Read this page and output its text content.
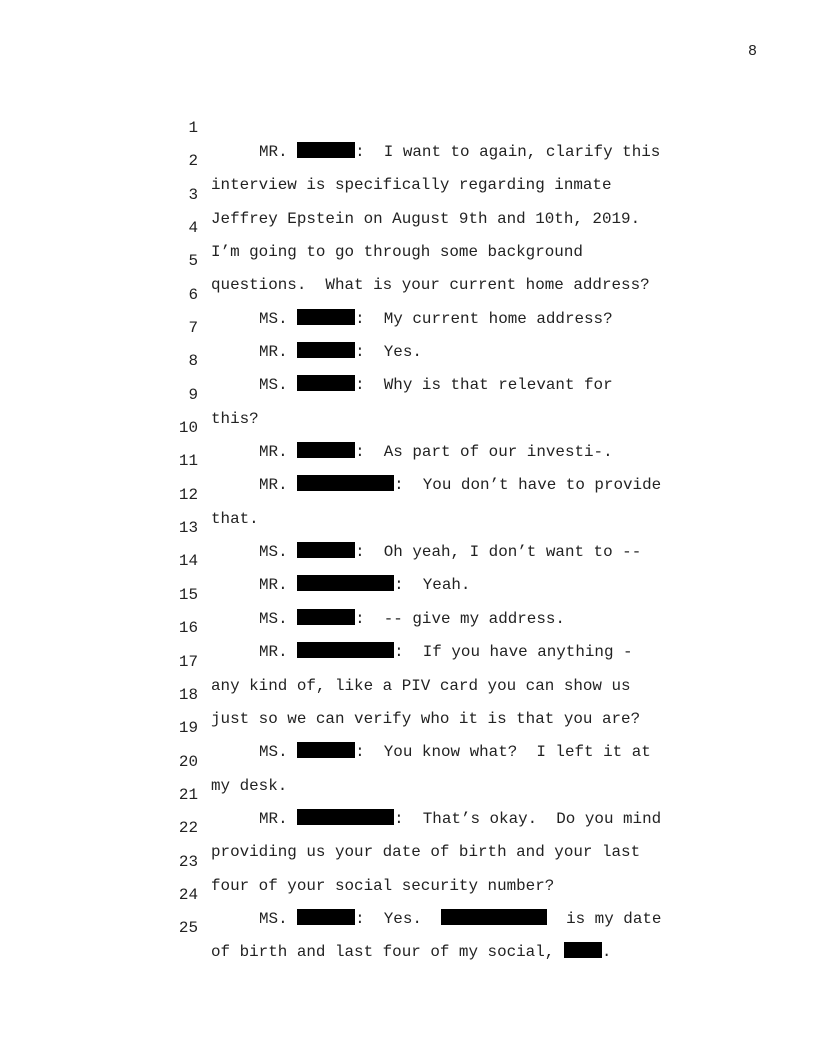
8

1

MR.	:  I want to again, clarify this

2

interview is specifically regarding inmate

3

Jeffrey Epstein on August 9th and 10th, 2019.

4

I’m going to go through some background

5

questions.  What is your current home address?

6

MS.	:  My current home address?

7

MR.	:  Yes.

8

MS.	:  Why is that relevant for

9

this?

10

MR.	:  As part of our investi-.

11

MR.	:  You don’t have to provide

12

that.

13

MS.	:  Oh yeah, I don’t want to --

14

MR.	:  Yeah.

15

MS.	:  -- give my address.

16

MR.	:  If you have anything -

17

any kind of, like a PIV card you can show us

18

just so we can verify who it is that you are?

19

MS.	:  You know what?  I left it at

20

my desk.

21

MR.	:  That’s okay.  Do you mind

22

providing us your date of birth and your last

23

four of your social security number?

24

MS.	:  Yes.	is my date

25

of birth and last four of my social,	.
